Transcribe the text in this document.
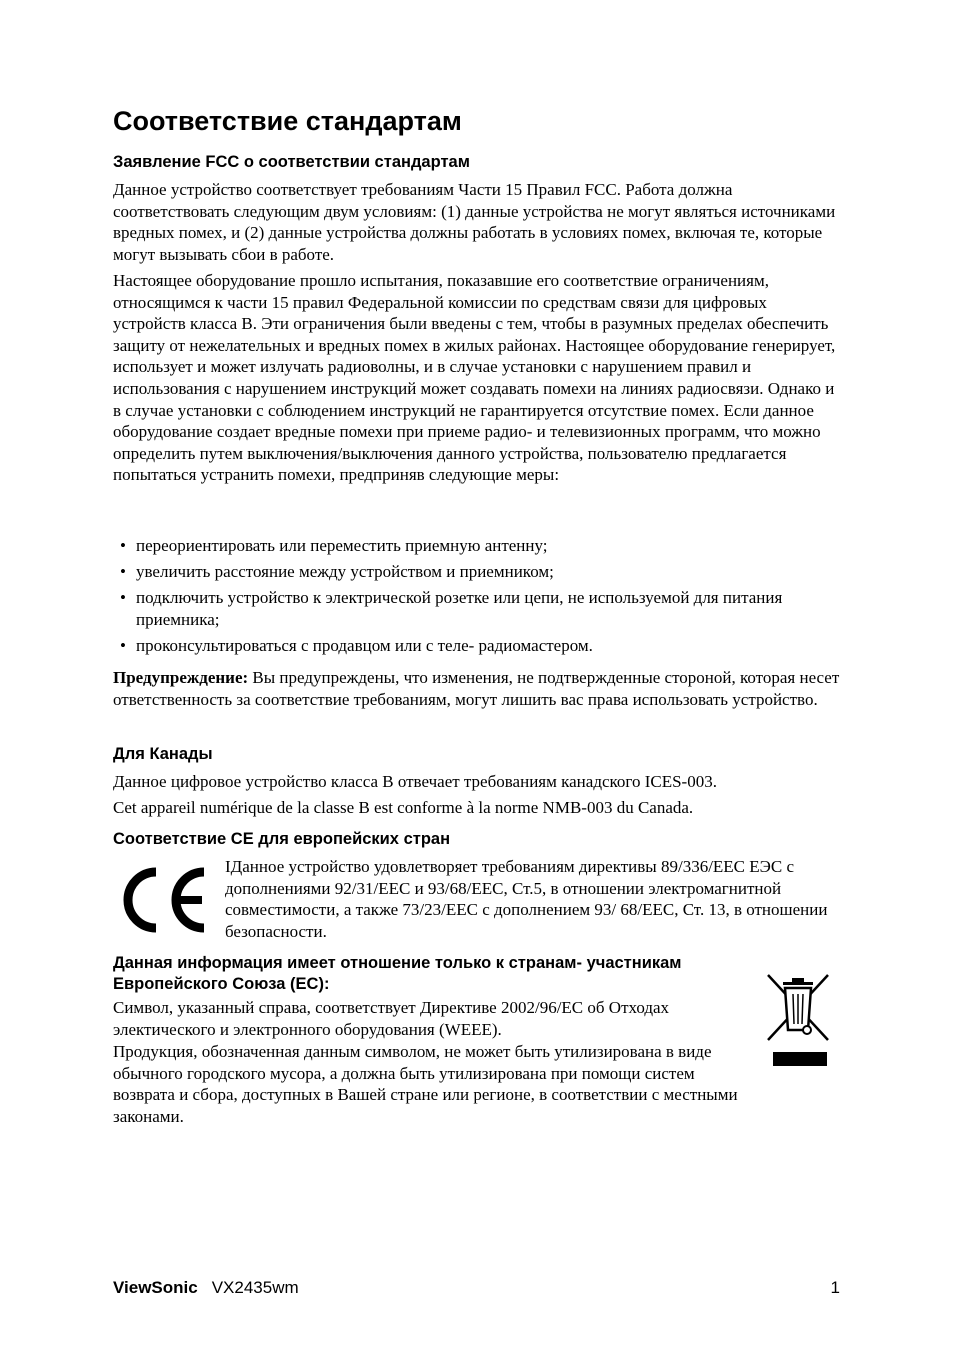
Соответствие стандартам
Заявление FCC о соответствии стандартам

Данное устройство соответствует требованиям Части 15 Правил FCC. Работа должна соответствовать следующим двум условиям: (1) данные устройства не могут являться источниками вредных помех, и (2) данные устройства должны работать в условиях помех, включая те, которые могут вызывать сбои в работе.

Настоящее оборудование прошло испытания, показавшие его соответствие ограничениям, относящимся к части 15 правил Федеральной комиссии по средствам связи для цифровых устройств класса B. Эти ограничения были введены с тем, чтобы в разумных пределах обеспечить защиту от нежелательных и вредных помех в жилых районах. Настоящее оборудование генерирует, использует и может излучать радиоволны, и в случае установки с нарушением правил и использования с нарушением инструкций может создавать помехи на линиях радиосвязи. Однако и в случае установки с соблюдением инструкций не гарантируется отсутствие помех. Если данное оборудование создает вредные помехи при приеме радио- и телевизионных программ, что можно определить путем выключения/выключения данного устройства, пользователю предлагается попытаться устранить помехи, предприняв следующие меры:

• переориентировать или переместить приемную антенну;
• увеличить расстояние между устройством и приемником;
• подключить устройство к электрической розетке или цепи, не используемой для питания приемника;
• проконсультироваться с продавцом или с теле- радиомастером.

Предупреждение: Вы предупреждены, что изменения, не подтвержденные стороной, которая несет ответственность за соответствие требованиям, могут лишить вас права использовать устройство.

Для Канады

Данное цифровое устройство класса B отвечает требованиям канадского ICES-003.

Cet appareil numérique de la classe B est conforme à la norme NMB-003 du Canada.

Соответствие СЕ для европейских стран

IДанное устройство удовлетворяет требованиям директивы 89/336/EEC ЕЭС с дополнениями 92/31/EEC и 93/68/EEC, Ст.5, в отношении электромагнитной совместимости, а также 73/23/EEC с дополнением 93/ 68/EEC, Ст. 13, в отношении безопасности.

Данная информация имеет отношение только к странам- участникам Европейского Союза (ЕС):

Символ, указанный справа, соответствует Директиве 2002/96/EC об Отходах электического и электронного оборудования (WEEE).

Продукция, обозначенная данным символом, не может быть утилизирована в виде обычного городского мусора, а должна быть утилизирована при помощи систем возврата и сбора, доступных в Вашей стране или регионе, в соответствии с местными законами.

ViewSonic VX2435wm	1
